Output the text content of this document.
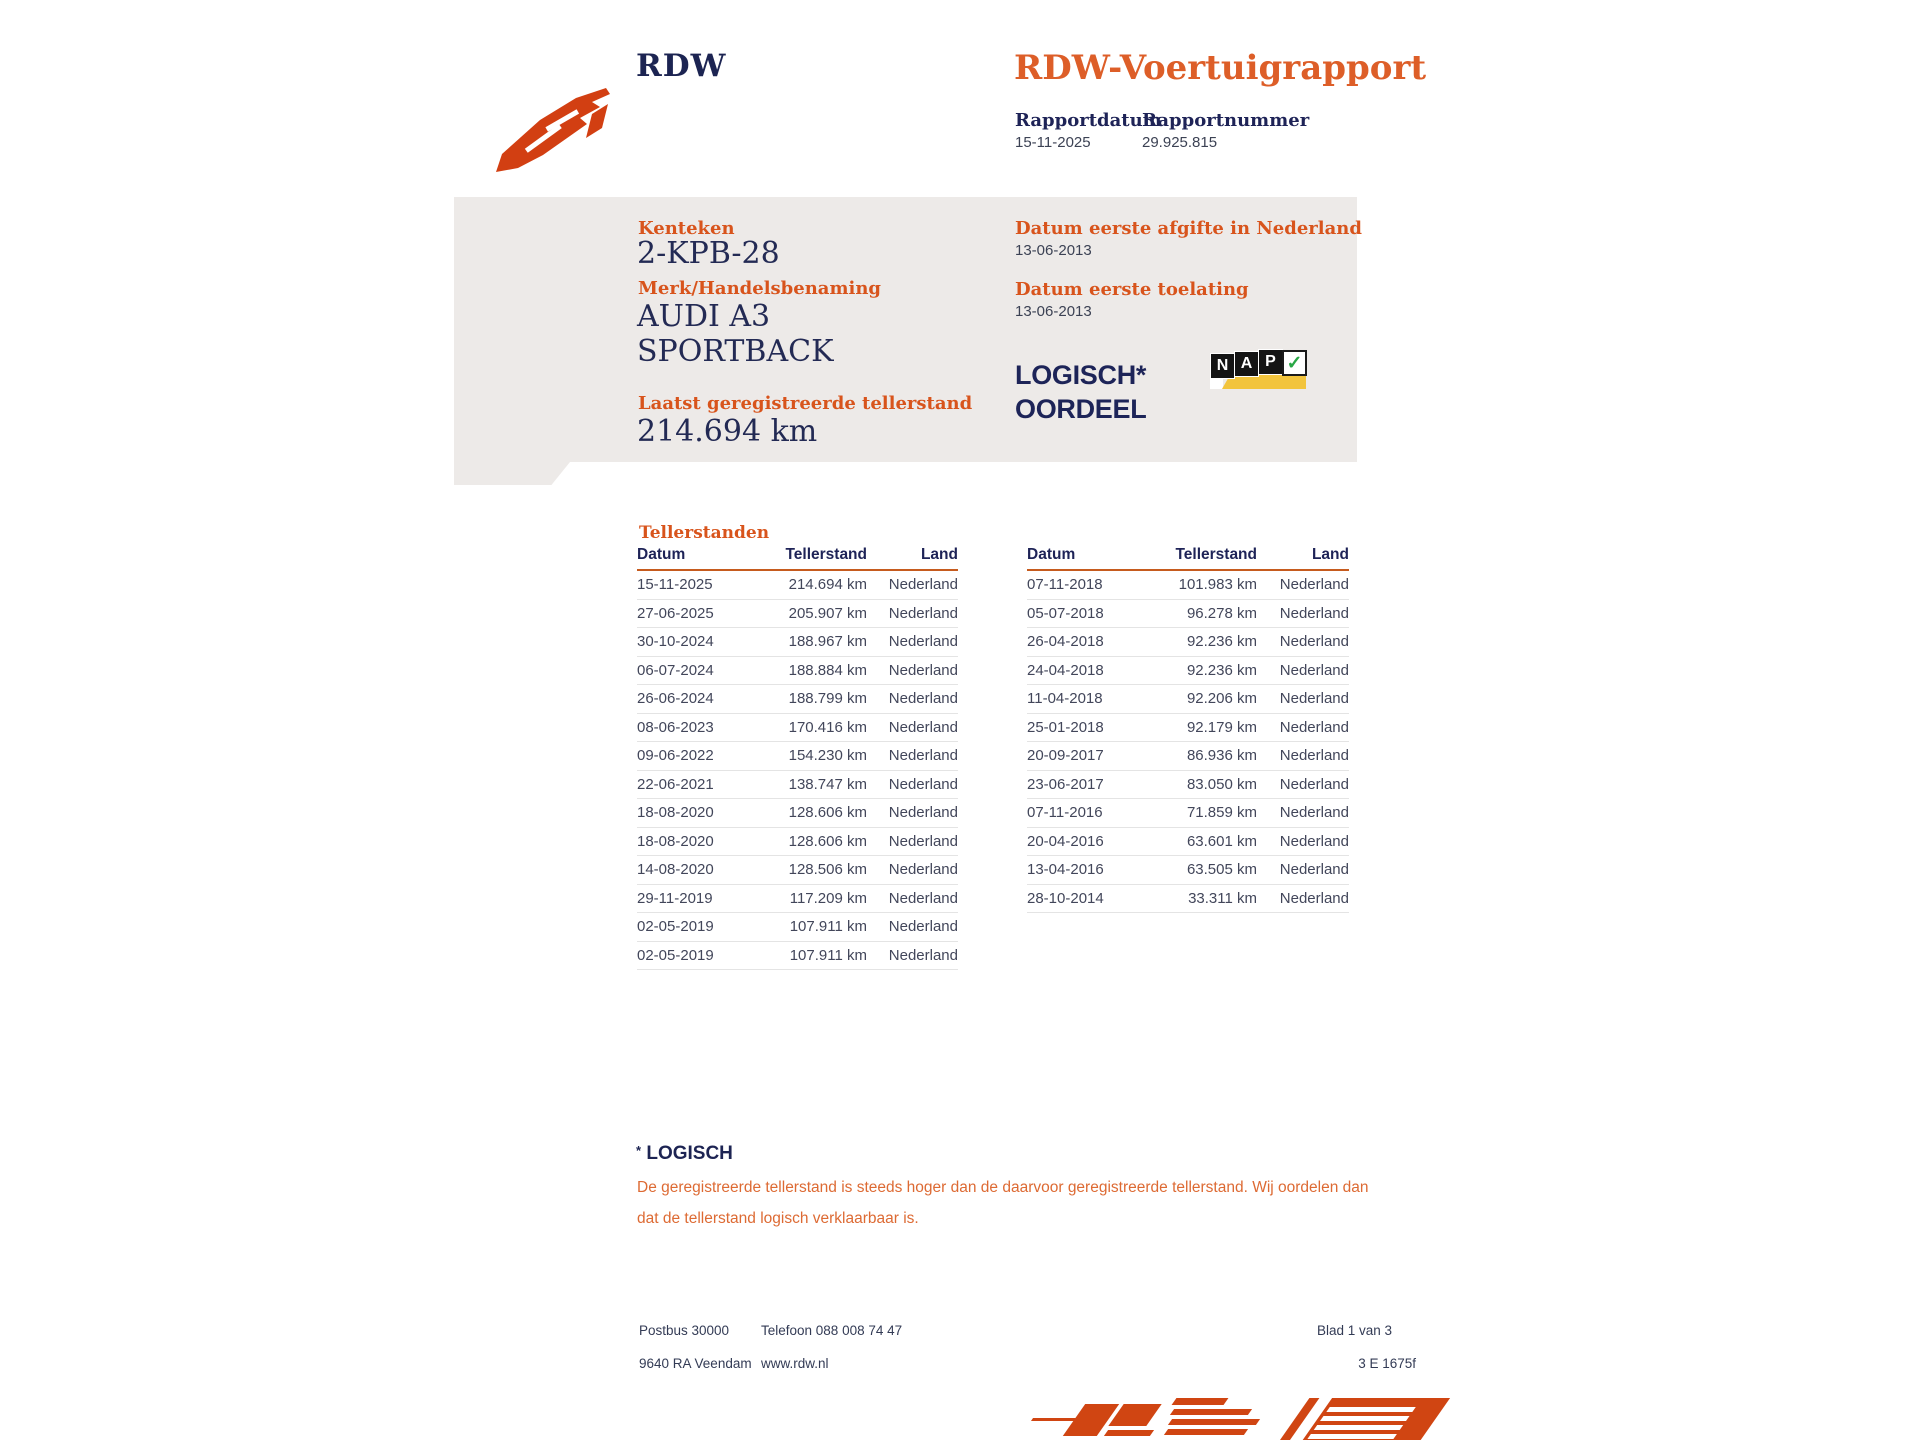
RDW	RDW-Voertuigrapport
Rapportdatum
15-11-2025
Rapportnummer
29.925.815
Kenteken
2-KPB-28
Merk/Handelsbenaming
AUDI A3
SPORTBACK
Laatst geregistreerde tellerstand
214.694 km
Datum eerste afgifte in Nederland
13-06-2013
Datum eerste toelating
13-06-2013
LOGISCH*
OORDEEL
N A P ✓
Tellerstanden
Datum	Tellerstand	Land
15-11-2025	214.694 km	Nederland
27-06-2025	205.907 km	Nederland
30-10-2024	188.967 km	Nederland
06-07-2024	188.884 km	Nederland
26-06-2024	188.799 km	Nederland
08-06-2023	170.416 km	Nederland
09-06-2022	154.230 km	Nederland
22-06-2021	138.747 km	Nederland
18-08-2020	128.606 km	Nederland
18-08-2020	128.606 km	Nederland
14-08-2020	128.506 km	Nederland
29-11-2019	117.209 km	Nederland
02-05-2019	107.911 km	Nederland
02-05-2019	107.911 km	Nederland
Datum	Tellerstand	Land
07-11-2018	101.983 km	Nederland
05-07-2018	96.278 km	Nederland
26-04-2018	92.236 km	Nederland
24-04-2018	92.236 km	Nederland
11-04-2018	92.206 km	Nederland
25-01-2018	92.179 km	Nederland
20-09-2017	86.936 km	Nederland
23-06-2017	83.050 km	Nederland
07-11-2016	71.859 km	Nederland
20-04-2016	63.601 km	Nederland
13-04-2016	63.505 km	Nederland
28-10-2014	33.311 km	Nederland
* LOGISCH
De geregistreerde tellerstand is steeds hoger dan de daarvoor geregistreerde tellerstand. Wij oordelen dan dat de tellerstand logisch verklaarbaar is.
Postbus 30000
9640 RA Veendam
Telefoon 088 008 74 47
www.rdw.nl
Blad 1 van 3
3 E 1675f
